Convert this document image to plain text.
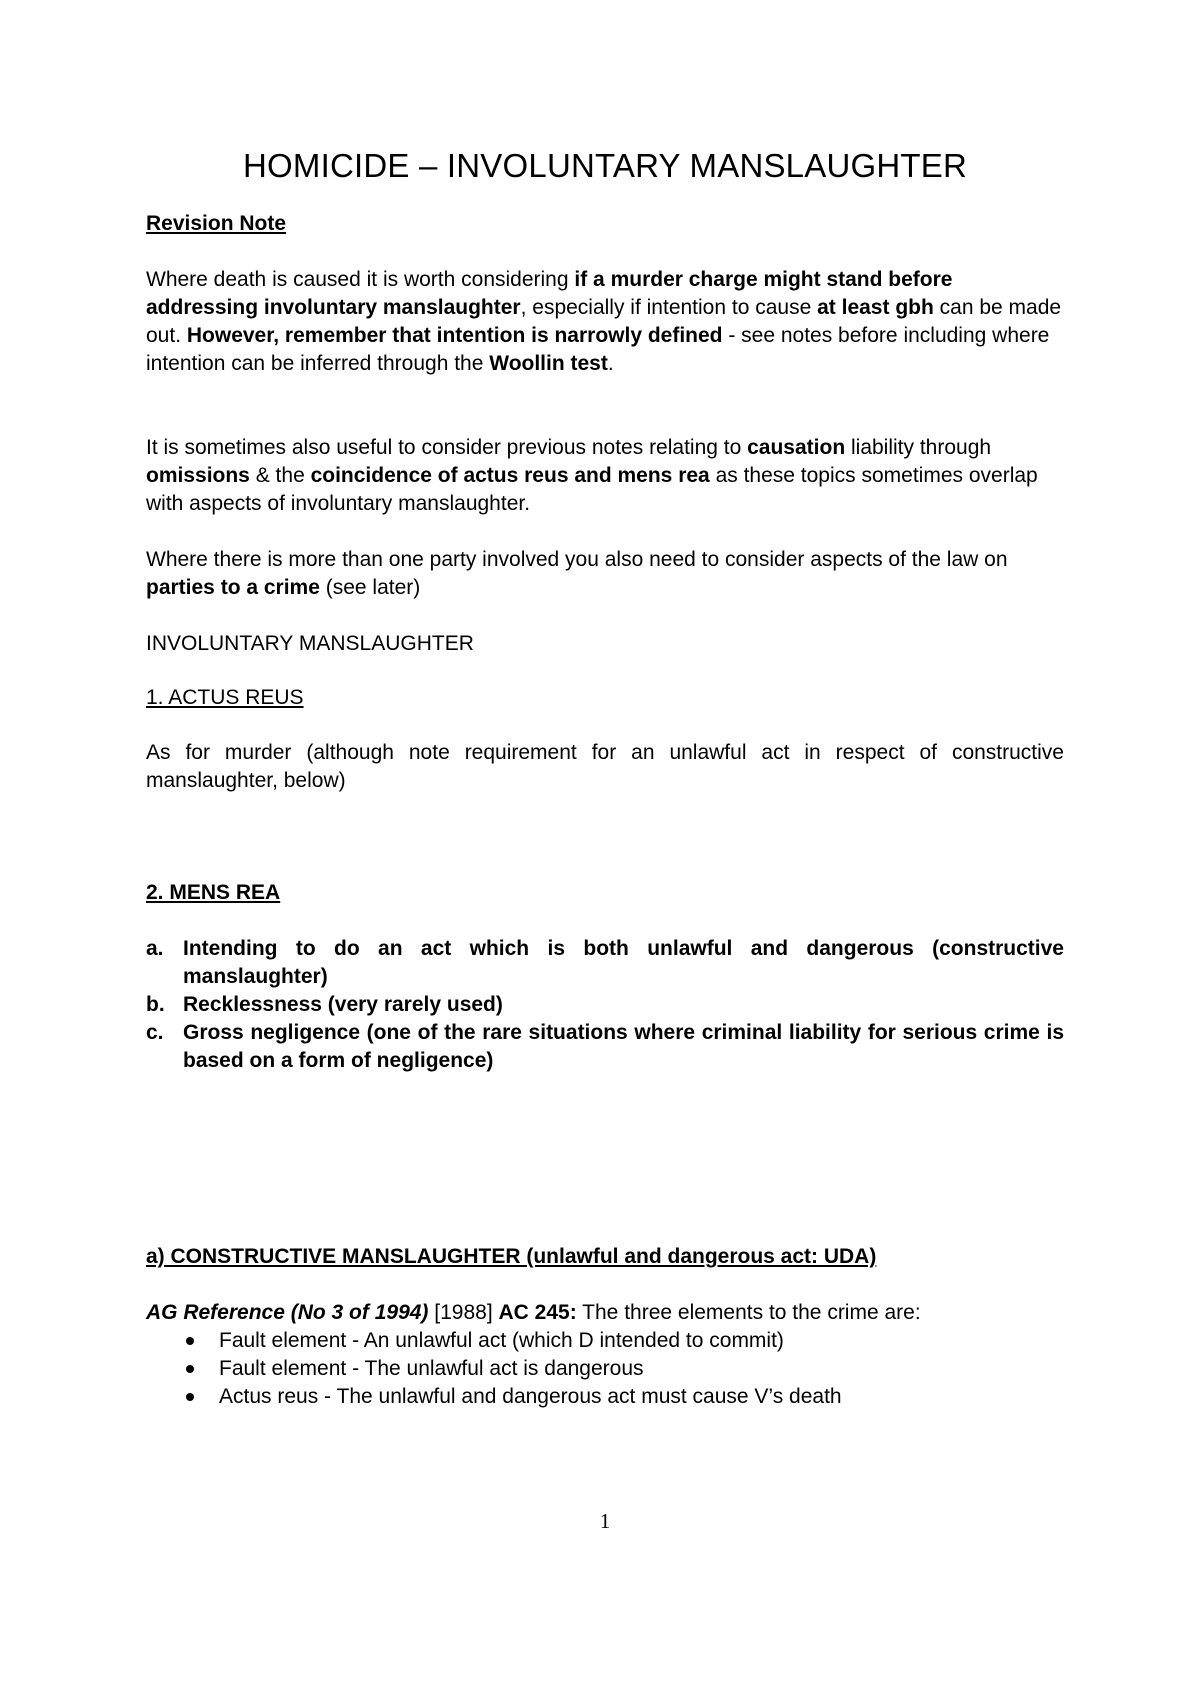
HOMICIDE – INVOLUNTARY MANSLAUGHTER
Revision Note
Where death is caused it is worth considering if a murder charge might stand before addressing involuntary manslaughter, especially if intention to cause at least gbh can be made out. However, remember that intention is narrowly defined - see notes before including where intention can be inferred through the Woollin test.
It is sometimes also useful to consider previous notes relating to causation liability through omissions & the coincidence of actus reus and mens rea as these topics sometimes overlap with aspects of involuntary manslaughter.
Where there is more than one party involved you also need to consider aspects of the law on parties to a crime (see later)
INVOLUNTARY MANSLAUGHTER
1. ACTUS REUS
As for murder (although note requirement for an unlawful act in respect of constructive manslaughter, below)
2. MENS REA
a. Intending to do an act which is both unlawful and dangerous (constructive manslaughter)
b. Recklessness (very rarely used)
c. Gross negligence (one of the rare situations where criminal liability for serious crime is based on a form of negligence)
a) CONSTRUCTIVE MANSLAUGHTER (unlawful and dangerous act: UDA)
AG Reference (No 3 of 1994) [1988] AC 245: The three elements to the crime are:
Fault element - An unlawful act (which D intended to commit)
Fault element - The unlawful act is dangerous
Actus reus - The unlawful and dangerous act must cause V’s death
1
